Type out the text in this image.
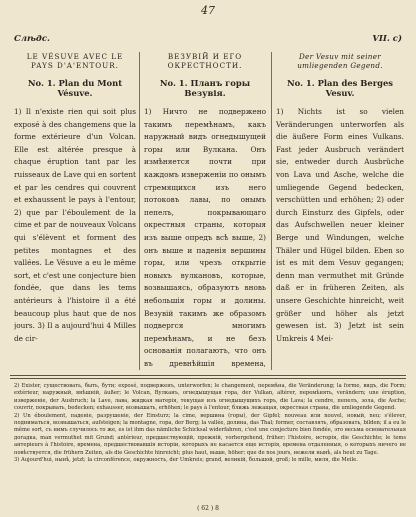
47
Слѣдс.	VII. c)

LE VÉSUVE AVEC LE PAYS D'A'ENTOUR.

No. 1. Plan du Mont Vésuve.

1) Il n'existe rien qui soit plus exposé à des changemens que la forme extérieure d'un Volcan. Elle est altérée presque à chaque éruption tant par les ruisseaux de Lave qui en sortent et par les cendres qui couvrent et exhaussent le pays à l'entour, 2) que par l'éboulement de la cime et par de nouveaux Volcans qui s'élèvent et forment des petites montagnes et des vallées. Le Vésuve a eu le même sort, et c'est une conjecture bien fondée, que dans les tems antérieurs à l'histoire il a été beaucoup plus haut que de nos jours. 3) Il a aujourd'hui 4 Milles de cir-

ВЕЗУВІЙ И ЕГО ОКРЕСТНОСТИ.

No. 1. Планъ горы Везувія.

1) Ничто не подвержено такимъ перемѣнамъ, какъ наружный видъ огнедышущей горы или Вулкана. Онъ измѣняется почти при каждомъ изверженіи по онымъ стремящихся изъ него потоковъ лавы, по онымъ пепелъ, покрывающаго окрестныя страны, которыя изъ выше опредъ всѣ выше, 2) онъ выше и паденія вершины горы, или чрезъ открытіе новыхъ вулкановъ, которые, возвышаясь, образуютъ вновь небольшія горы и долины. Везувій такимъ же образомъ подвергся многимъ перемѣнамъ, и не безъ основанія полагаютъ, что онъ въ древнѣйшія времена,

Der Vesuv mit seiner umliegenden Gegend.

No. 1. Plan des Berges Vesuv.

1) Nichts ist so vielen Veränderungen unterworfen als die äußere Form eines Vulkans. Fast jeder Ausbruch verändert sie, entweder durch Ausbrüche von Lava und Asche, welche die umliegende Gegend bedecken, verschütten und erhöhen; 2) oder durch Einsturz des Gipfels, oder das Aufschwellen neuer kleiner Berge und Windungen, welche Thäler und Hügel bilden. Eben so ist es mit dem Vesuv gegangen; denn man vermuthet mit Gründe daß er in früheren Zeiten, als unsere Geschichte hinreicht, weit größer und höher als jetzt gewesen ist. 3) Jetzt ist sein Umkreis 4 Mei-

2) Exister, существовать, быть, бути; exposé, подверженъ, unterworfen; le changement, перемѣна, die Veränderung; la forme, видъ, die Form; extérieur, наружный, внѣшній, äußer; le Volcan, Вулканъ, огнедышущая гора, der Vulkan, altérer, перемѣнять, verändern; une éruption, изверженіе, der Ausbruch; la Lave, лава, жидкая матерія, текущая изъ огнедышущихъ горъ, die Lava; la cendre, пепелъ, зола, die Asche; couvrir, покрывать, bedecken; exhausser, возвышать, erhöhen; le pays à l'entour, ближь лежащая, окрестная страна, die umliegende Gegend.

2) Un éboulement, паденіе, разрушеніе, der Einsturz; la cime, вершина (горы), der Gipfel; nouveau или nouvel, новый, neu; s'élever, подниматься, возвышаться, aufsteigen; la montagne, гора, der Berg; la vallée, долина, das Thal; former, составлять, образовать, bilden; il a eu le même sort, съ нимъ случилось то же, es ist ihm das nämliche Schicksal widerfahren, с'est une conjecture bien fondée, это весьма основательная догадка, man vermuthet mit Grund; antérieur, предшествующій, прежній, vorhergehend, früher; l'histoire, исторія, die Geschichte; le tems антерiеurs à l'histoire, времена, предшествовавшія исторіи, которыхъ не касается еще исторія, времена отдаленныя, о которыхъ ничего не повѣствуется, die frühern Zeiten, als die Geschichte hinreicht; plus haut, выше, höher; que de nos jours, нежели нынѣ, als heut zu Tage.

3) Aujourd'hui, нынѣ, jetzt; la circonférence, окружность, der Umkreis; grand, великій, большой, groß; le mille, миля, die Meile.

( 62 ) 8
